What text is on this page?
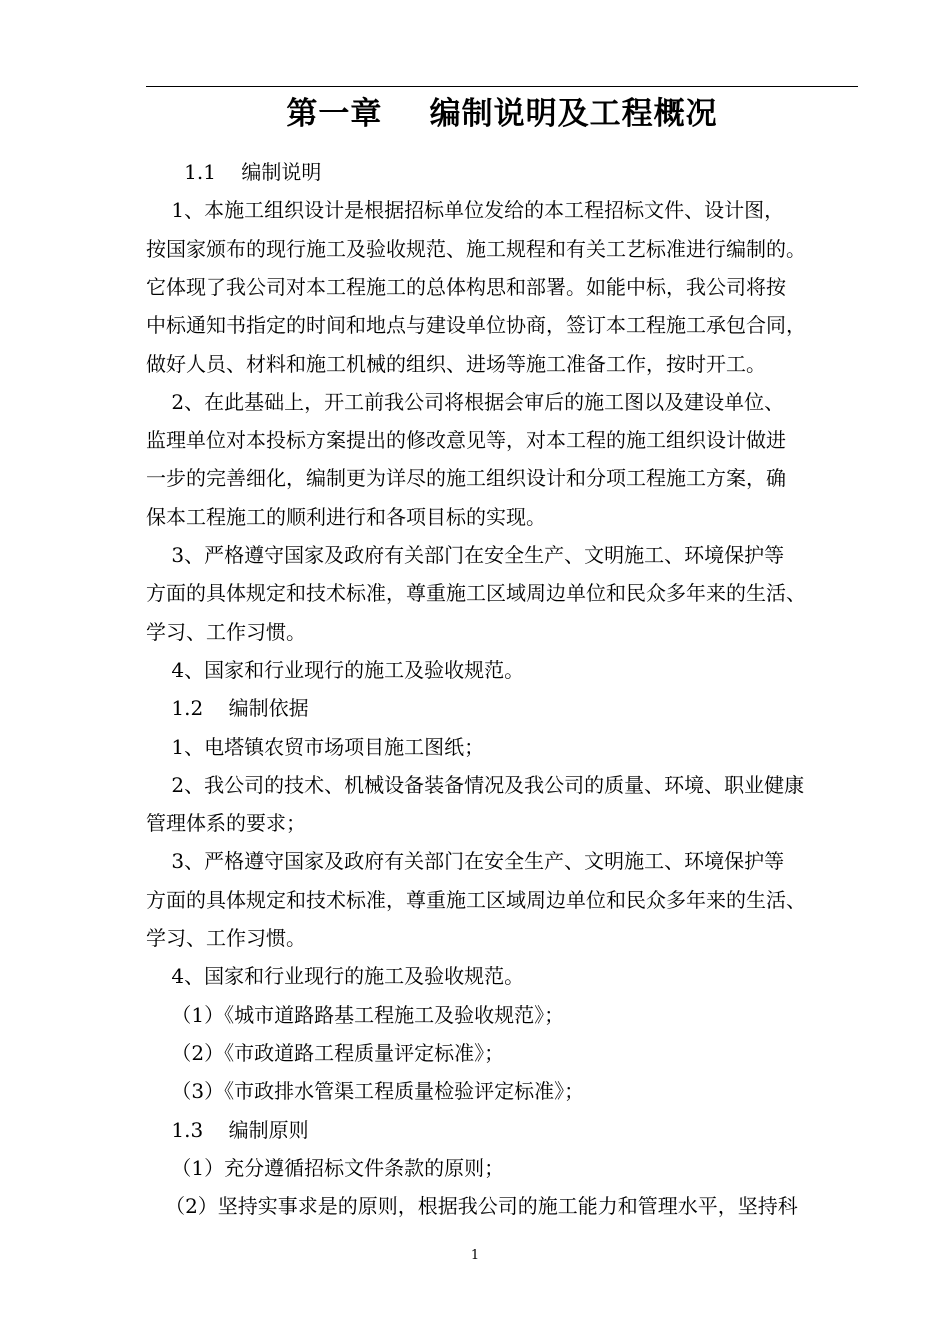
第一章    编制说明及工程概况
1.1    编制说明
1、本施工组织设计是根据招标单位发给的本工程招标文件、设计图，
按国家颁布的现行施工及验收规范、施工规程和有关工艺标准进行编制的。
它体现了我公司对本工程施工的总体构思和部署。如能中标，我公司将按
中标通知书指定的时间和地点与建设单位协商，签订本工程施工承包合同，
做好人员、材料和施工机械的组织、进场等施工准备工作，按时开工。
2、在此基础上，开工前我公司将根据会审后的施工图以及建设单位、
监理单位对本投标方案提出的修改意见等，对本工程的施工组织设计做进
一步的完善细化，编制更为详尽的施工组织设计和分项工程施工方案，确
保本工程施工的顺利进行和各项目标的实现。
3、严格遵守国家及政府有关部门在安全生产、文明施工、环境保护等
方面的具体规定和技术标准，尊重施工区域周边单位和民众多年来的生活、
学习、工作习惯。
4、国家和行业现行的施工及验收规范。
1.2    编制依据
1、电塔镇农贸市场项目施工图纸；
2、我公司的技术、机械设备装备情况及我公司的质量、环境、职业健康
管理体系的要求；
3、严格遵守国家及政府有关部门在安全生产、文明施工、环境保护等
方面的具体规定和技术标准，尊重施工区域周边单位和民众多年来的生活、
学习、工作习惯。
4、国家和行业现行的施工及验收规范。
（1）《城市道路路基工程施工及验收规范》；
（2）《市政道路工程质量评定标准》；
（3）《市政排水管渠工程质量检验评定标准》；
1.3    编制原则
（1）充分遵循招标文件条款的原则；
（2）坚持实事求是的原则，根据我公司的施工能力和管理水平，坚持科
1
